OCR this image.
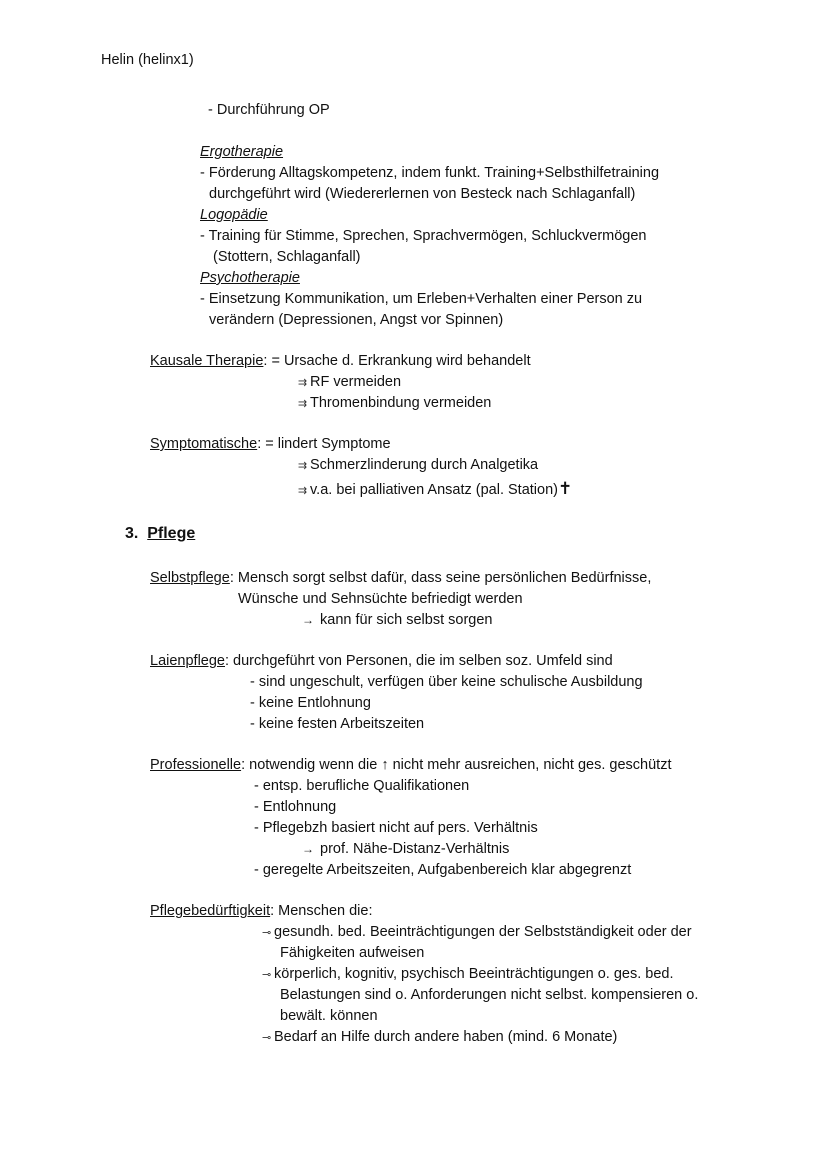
Helin (helinx1)
- Durchführung OP
Ergotherapie
- Förderung Alltagskompetenz, indem funkt. Training+Selbsthilfetraining
durchgeführt wird (Wiedererlernen von Besteck nach Schlaganfall)
Logopädie
- Training für Stimme, Sprechen, Sprachvermögen, Schluckvermögen
(Stottern, Schlaganfall)
Psychotherapie
- Einsetzung Kommunikation, um Erleben+Verhalten einer Person zu
verändern (Depressionen, Angst vor Spinnen)
Kausale Therapie: = Ursache d. Erkrankung wird behandelt
⇉ RF vermeiden
⇉ Thromenbindung vermeiden
Symptomatische: = lindert Symptome
⇉ Schmerzlinderung durch Analgetika
⇉ v.a. bei palliativen Ansatz (pal. Station)✝
3. Pflege
Selbstpflege: Mensch sorgt selbst dafür, dass seine persönlichen Bedürfnisse,
Wünsche und Sehnsüchte befriedigt werden
→ kann für sich selbst sorgen
Laienpflege: durchgeführt von Personen, die im selben soz. Umfeld sind
- sind ungeschult, verfügen über keine schulische Ausbildung
- keine Entlohnung
- keine festen Arbeitszeiten
Professionelle: notwendig wenn die ↑ nicht mehr ausreichen, nicht ges. geschützt
- entsp. berufliche Qualifikationen
- Entlohnung
- Pflegebzh basiert nicht auf pers. Verhältnis
→ prof. Nähe-Distanz-Verhältnis
- geregelte Arbeitszeiten, Aufgabenbereich klar abgegrenzt
Pflegebedürftigkeit: Menschen die:
⊸ gesundh. bed. Beeinträchtigungen der Selbstständigkeit oder der
Fähigkeiten aufweisen
⊸ körperlich, kognitiv, psychisch Beeinträchtigungen o. ges. bed.
Belastungen sind o. Anforderungen nicht selbst. kompensieren o.
bewält. können
⊸ Bedarf an Hilfe durch andere haben (mind. 6 Monate)
